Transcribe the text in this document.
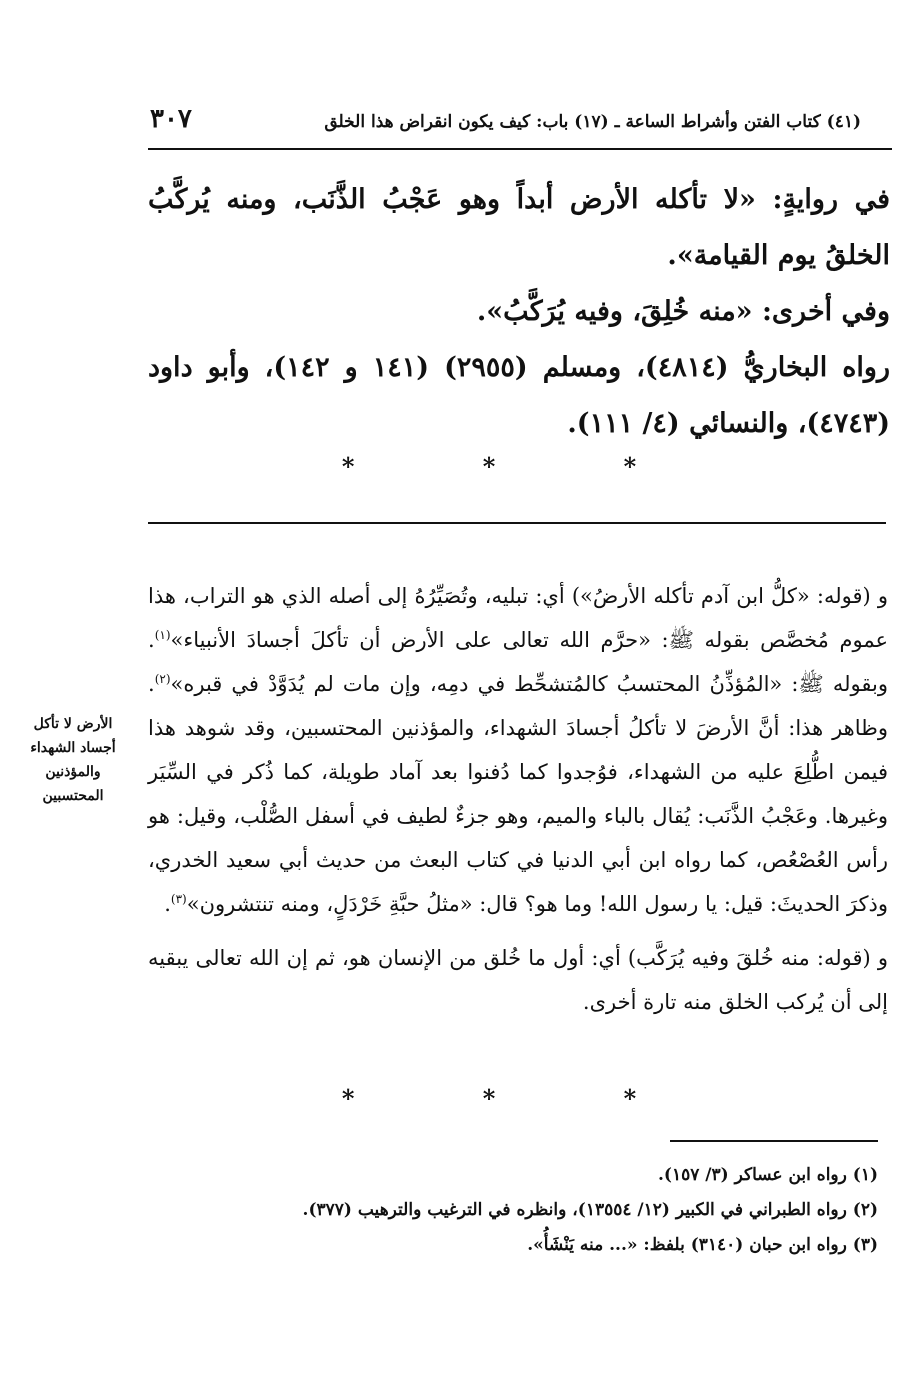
(٤١) كتاب الفتن وأشراط الساعة ـ (١٧) باب: كيف يكون انقراض هذا الخلق
٣٠٧

في روايةٍ: «لا تأكله الأرض أبداً وهو عَجْبُ الذَّنَب، ومنه يُركَّبُ الخلقُ يوم القيامة».

وفي أخرى: «منه خُلِقَ، وفيه يُرَكَّبُ».

رواه البخاريُّ (٤٨١٤)، ومسلم (٢٩٥٥) (١٤١ و ١٤٢)، وأبو داود (٤٧٤٣)، والنسائي (٤/ ١١١).

* * *

و (قوله: «كلُّ ابن آدم تأكله الأرضُ») أي: تبليه، وتُصَيِّرُهُ إلى أصله الذي هو التراب، هذا عموم مُخصَّص بقوله ﷺ: «حرَّم الله تعالى على الأرض أن تأكلَ أجسادَ الأنبياء»$^{(١)}$. وبقوله ﷺ: «المُؤذِّنُ المحتسبُ كالمُتشحِّط في دمِه، وإن مات لم يُدَوَّدْ في قبره»$^{(٢)}$. وظاهر هذا: أنَّ الأرضَ لا تأكلُ أجسادَ الشهداء، والمؤذنين المحتسبين، وقد شوهد هذا فيمن اطُّلِعَ عليه من الشهداء، فوُجدوا كما دُفنوا بعد آماد طويلة، كما ذُكر في السِّيَر وغيرها. وعَجْبُ الذَّنَب: يُقال بالباء والميم، وهو جزءٌ لطيف في أسفل الصُّلْب، وقيل: هو رأس العُصْعُص، كما رواه ابن أبي الدنيا في كتاب البعث من حديث أبي سعيد الخدري، وذكرَ الحديثَ: قيل: يا رسول الله! وما هو؟ قال: «مثلُ حبَّةِ خَرْدَلٍ، ومنه تنتشرون»$^{(٣)}$.

و (قوله: منه خُلقَ وفيه يُرَكَّب) أي: أول ما خُلق من الإنسان هو، ثم إن الله تعالى يبقيه إلى أن يُركب الخلق منه تارة أخرى.

الأرض لا تأكل
أجساد الشهداء
والمؤذنين
المحتسبين
* * *
(١) رواه ابن عساكر (٣/ ١٥٧).
(٢) رواه الطبراني في الكبير (١٢/ ١٣٥٥٤)، وانظره في الترغيب والترهيب (٣٧٧).
(٣) رواه ابن حبان (٣١٤٠) بلفظ: «... منه يَنْشَأُ».
